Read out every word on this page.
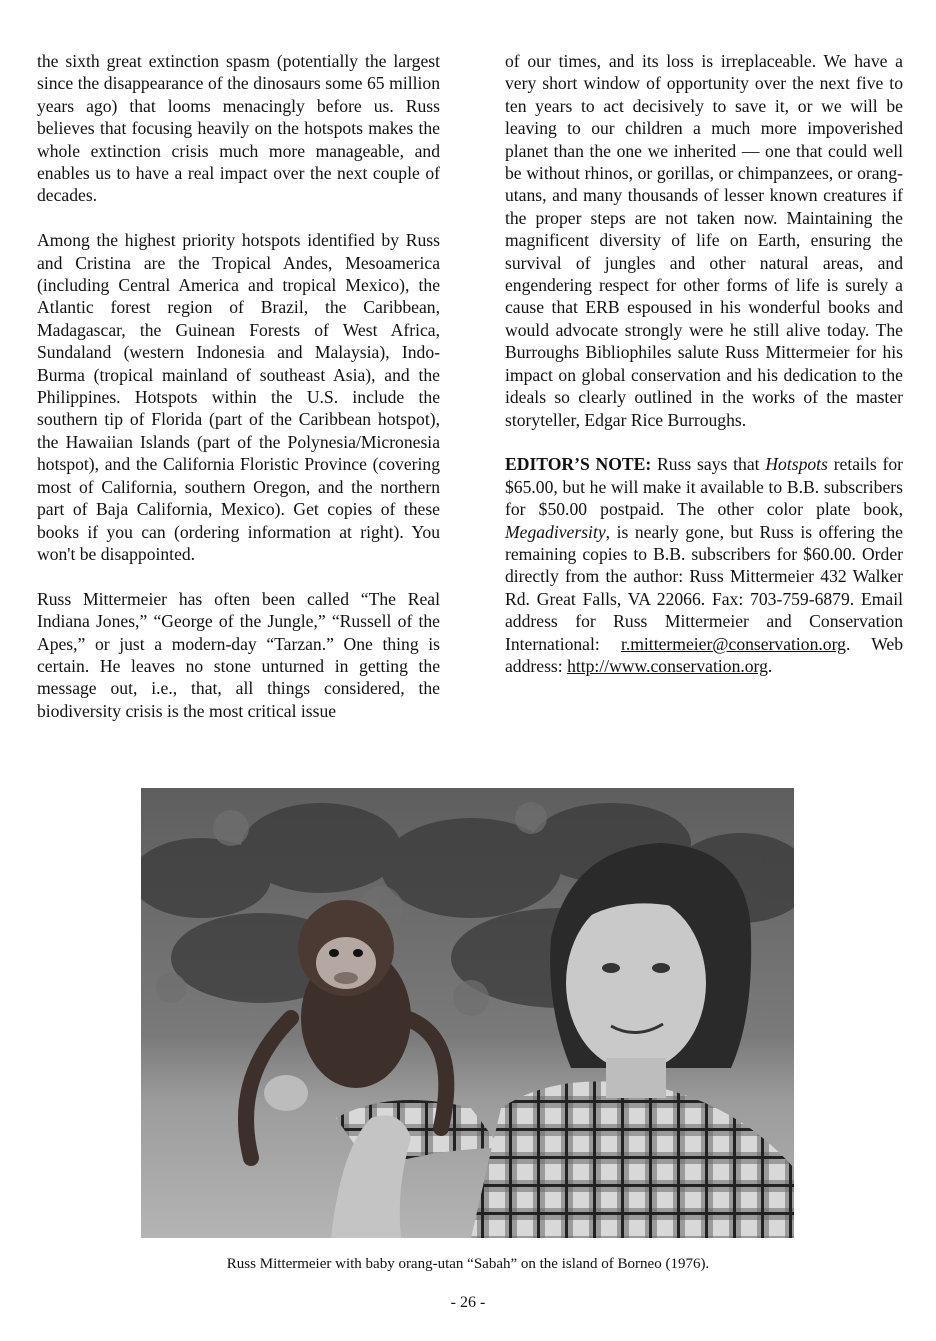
the sixth great extinction spasm (potentially the largest since the disappearance of the dinosaurs some 65 million years ago) that looms menacingly before us. Russ believes that focusing heavily on the hotspots makes the whole extinction crisis much more manageable, and enables us to have a real impact over the next couple of decades.

Among the highest priority hotspots identified by Russ and Cristina are the Tropical Andes, Mesoamerica (including Central America and tropical Mexico), the Atlantic forest region of Brazil, the Caribbean, Madagascar, the Guinean Forests of West Africa, Sundaland (western Indonesia and Malaysia), Indo-Burma (tropical mainland of southeast Asia), and the Philippines. Hotspots within the U.S. include the southern tip of Florida (part of the Caribbean hotspot), the Hawaiian Islands (part of the Polynesia/Micronesia hotspot), and the California Floristic Province (covering most of California, southern Oregon, and the northern part of Baja California, Mexico). Get copies of these books if you can (ordering information at right). You won't be disappointed.

Russ Mittermeier has often been called “The Real Indiana Jones,” “George of the Jungle,” “Russell of the Apes,” or just a modern-day “Tarzan.” One thing is certain. He leaves no stone unturned in getting the message out, i.e., that, all things considered, the biodiversity crisis is the most critical issue

of our times, and its loss is irreplaceable. We have a very short window of opportunity over the next five to ten years to act decisively to save it, or we will be leaving to our children a much more impoverished planet than the one we inherited — one that could well be without rhinos, or gorillas, or chimpanzees, or orang-utans, and many thousands of lesser known creatures if the proper steps are not taken now. Maintaining the magnificent diversity of life on Earth, ensuring the survival of jungles and other natural areas, and engendering respect for other forms of life is surely a cause that ERB espoused in his wonderful books and would advocate strongly were he still alive today. The Burroughs Bibliophiles salute Russ Mittermeier for his impact on global conservation and his dedication to the ideals so clearly outlined in the works of the master storyteller, Edgar Rice Burroughs.

EDITOR’S NOTE: Russ says that Hotspots retails for $65.00, but he will make it available to B.B. subscribers for $50.00 postpaid. The other color plate book, Megadiversity, is nearly gone, but Russ is offering the remaining copies to B.B. subscribers for $60.00. Order directly from the author: Russ Mittermeier 432 Walker Rd. Great Falls, VA 22066. Fax: 703-759-6879. Email address for Russ Mittermeier and Conservation International: r.mittermeier@conservation.org. Web address: http://www.conservation.org.

Russ Mittermeier with baby orang-utan “Sabah” on the island of Borneo (1976).
- 26 -
